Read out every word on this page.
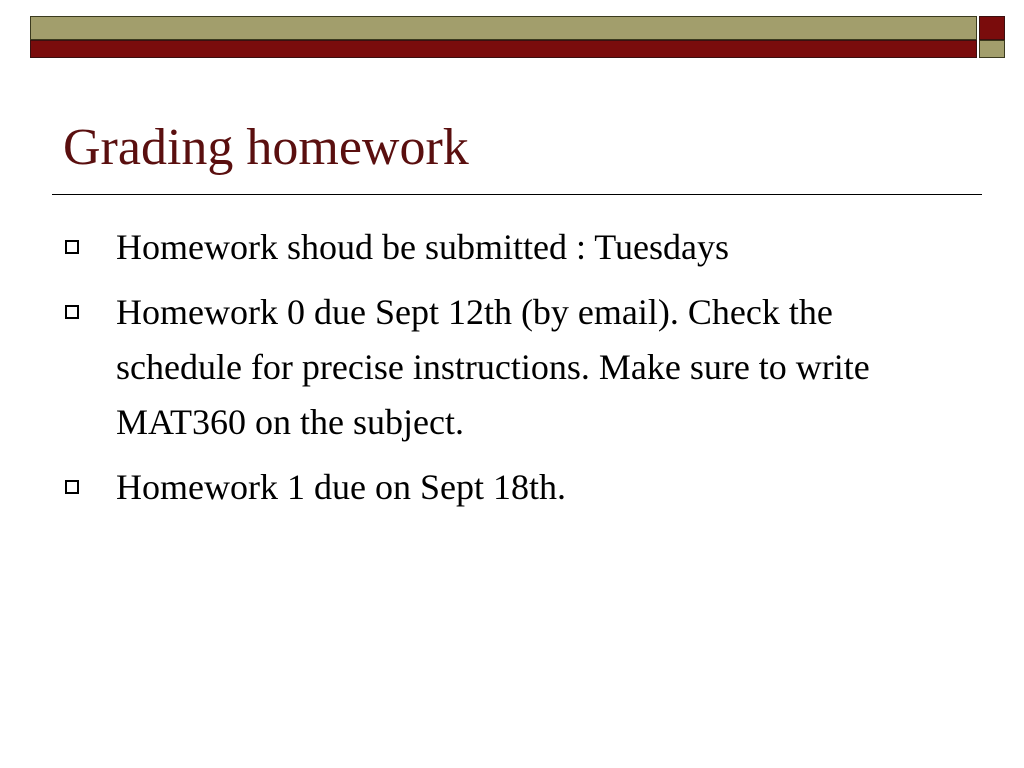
Grading homework
Homework shoud be submitted : Tuesdays
Homework 0 due Sept 12th (by email). Check the schedule for precise instructions. Make sure to write MAT360 on the subject.
Homework 1 due on Sept 18th.
